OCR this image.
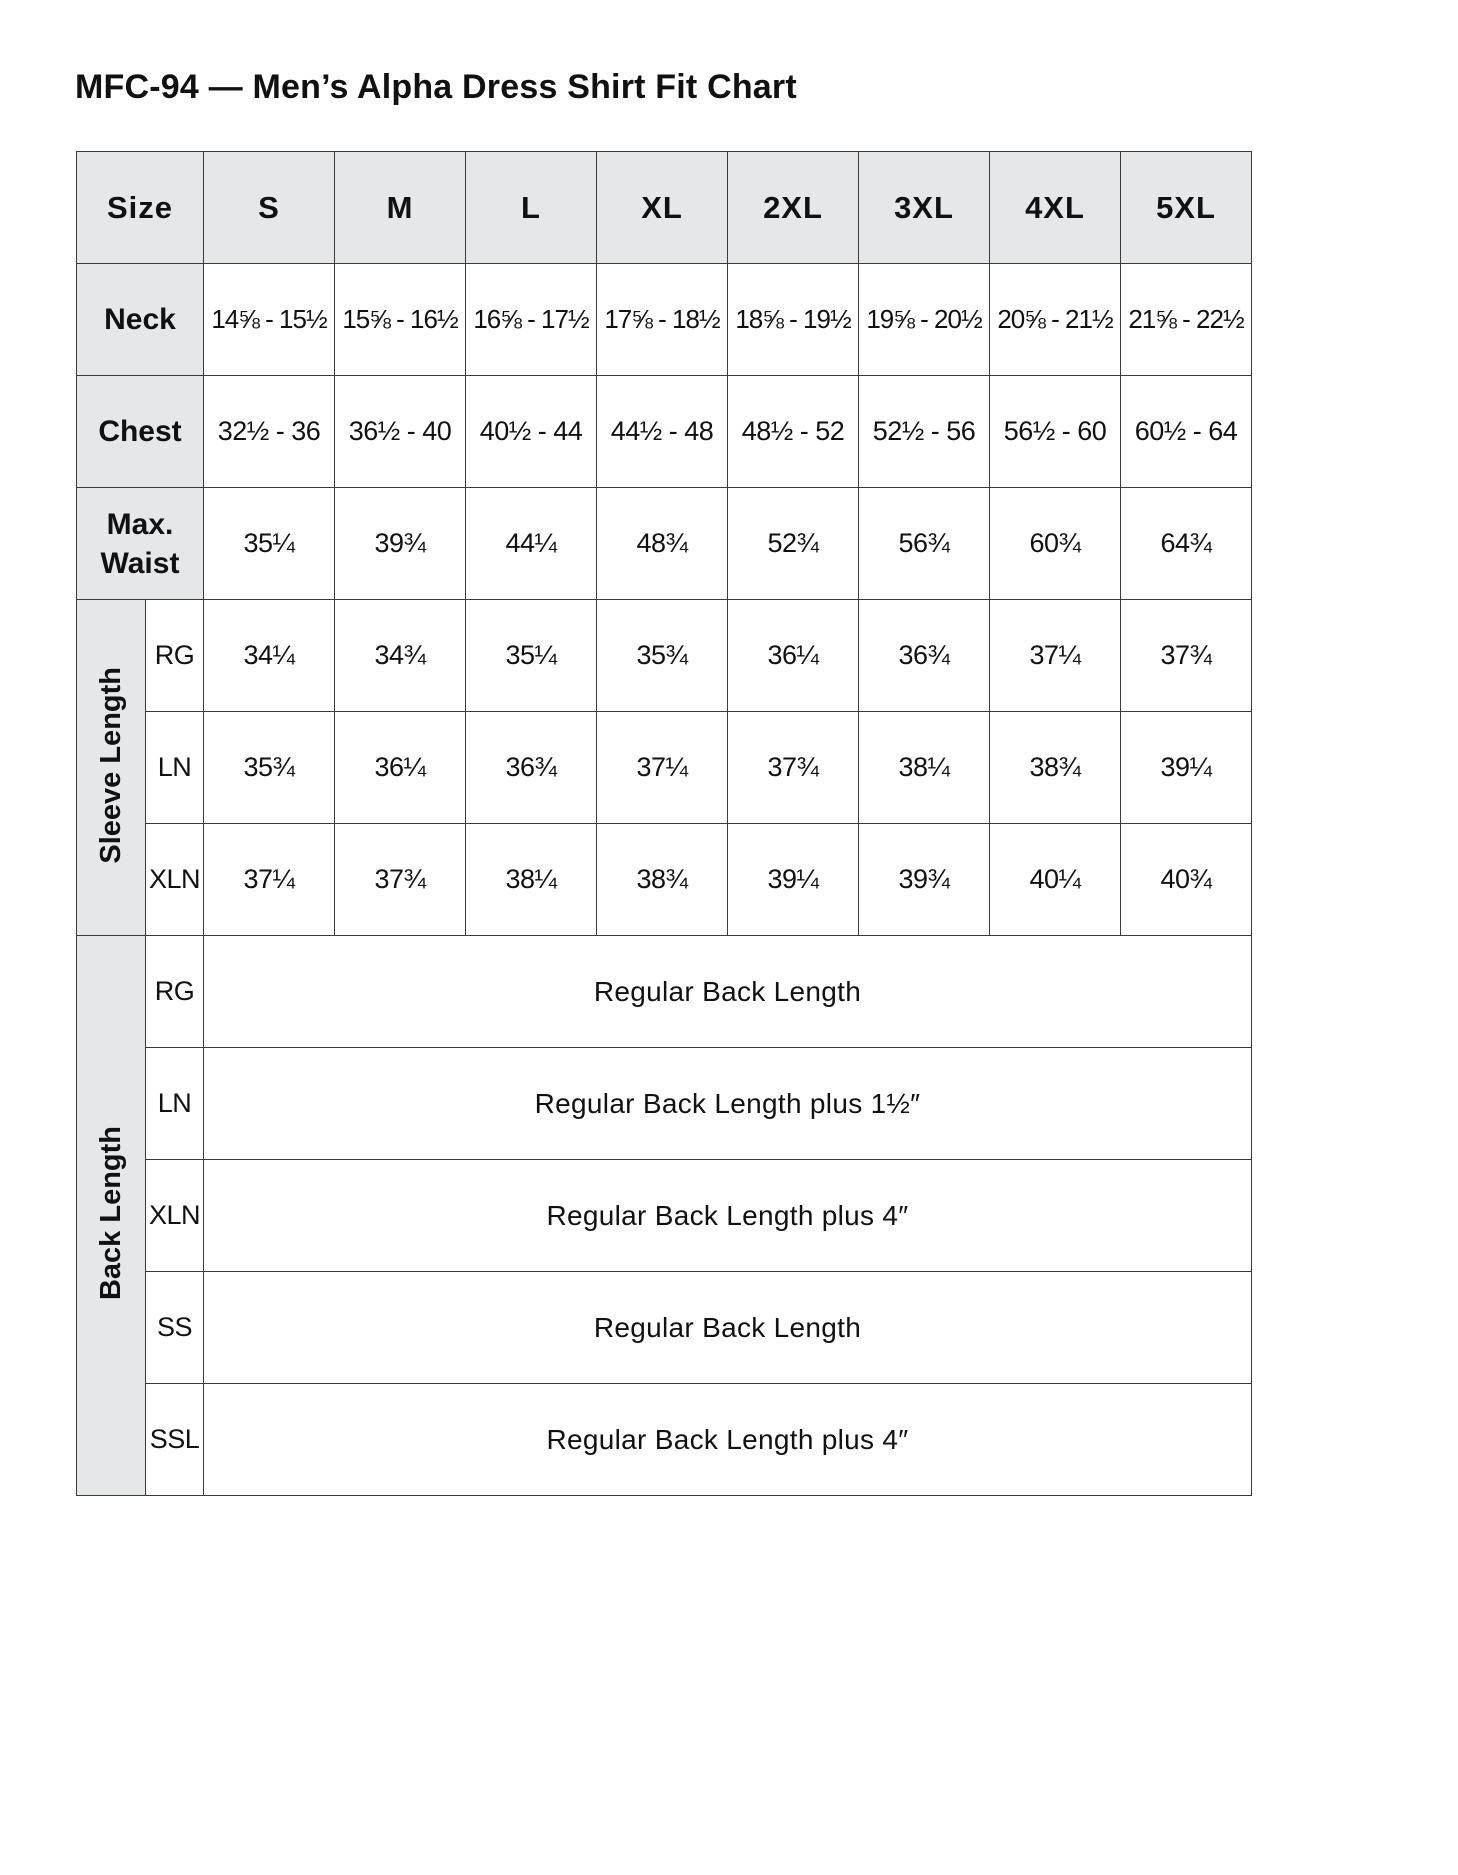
MFC-94 — Men’s Alpha Dress Shirt Fit Chart
Size		S	M	L	XL	2XL	3XL	4XL	5XL
Neck		14⅝ - 15½	15⅝ - 16½	16⅝ - 17½	17⅝ - 18½	18⅝ - 19½	19⅝ - 20½	20⅝ - 21½	21⅝ - 22½
Chest		32½ - 36	36½ - 40	40½ - 44	44½ - 48	48½ - 52	52½ - 56	56½ - 60	60½ - 64
Max.
Waist		35¼	39¾	44¼	48¾	52¾	56¾	60¾	64¾
Sleeve Length	RG	34¼	34¾	35¼	35¾	36¼	36¾	37¼	37¾
	LN	35¾	36¼	36¾	37¼	37¾	38¼	38¾	39¼
	XLN	37¼	37¾	38¼	38¾	39¼	39¾	40¼	40¾
Back Length	RG	Regular Back Length							
	LN	Regular Back Length plus 1½″							
	XLN	Regular Back Length plus 4″							
	SS	Regular Back Length							
	SSL	Regular Back Length plus 4″							
